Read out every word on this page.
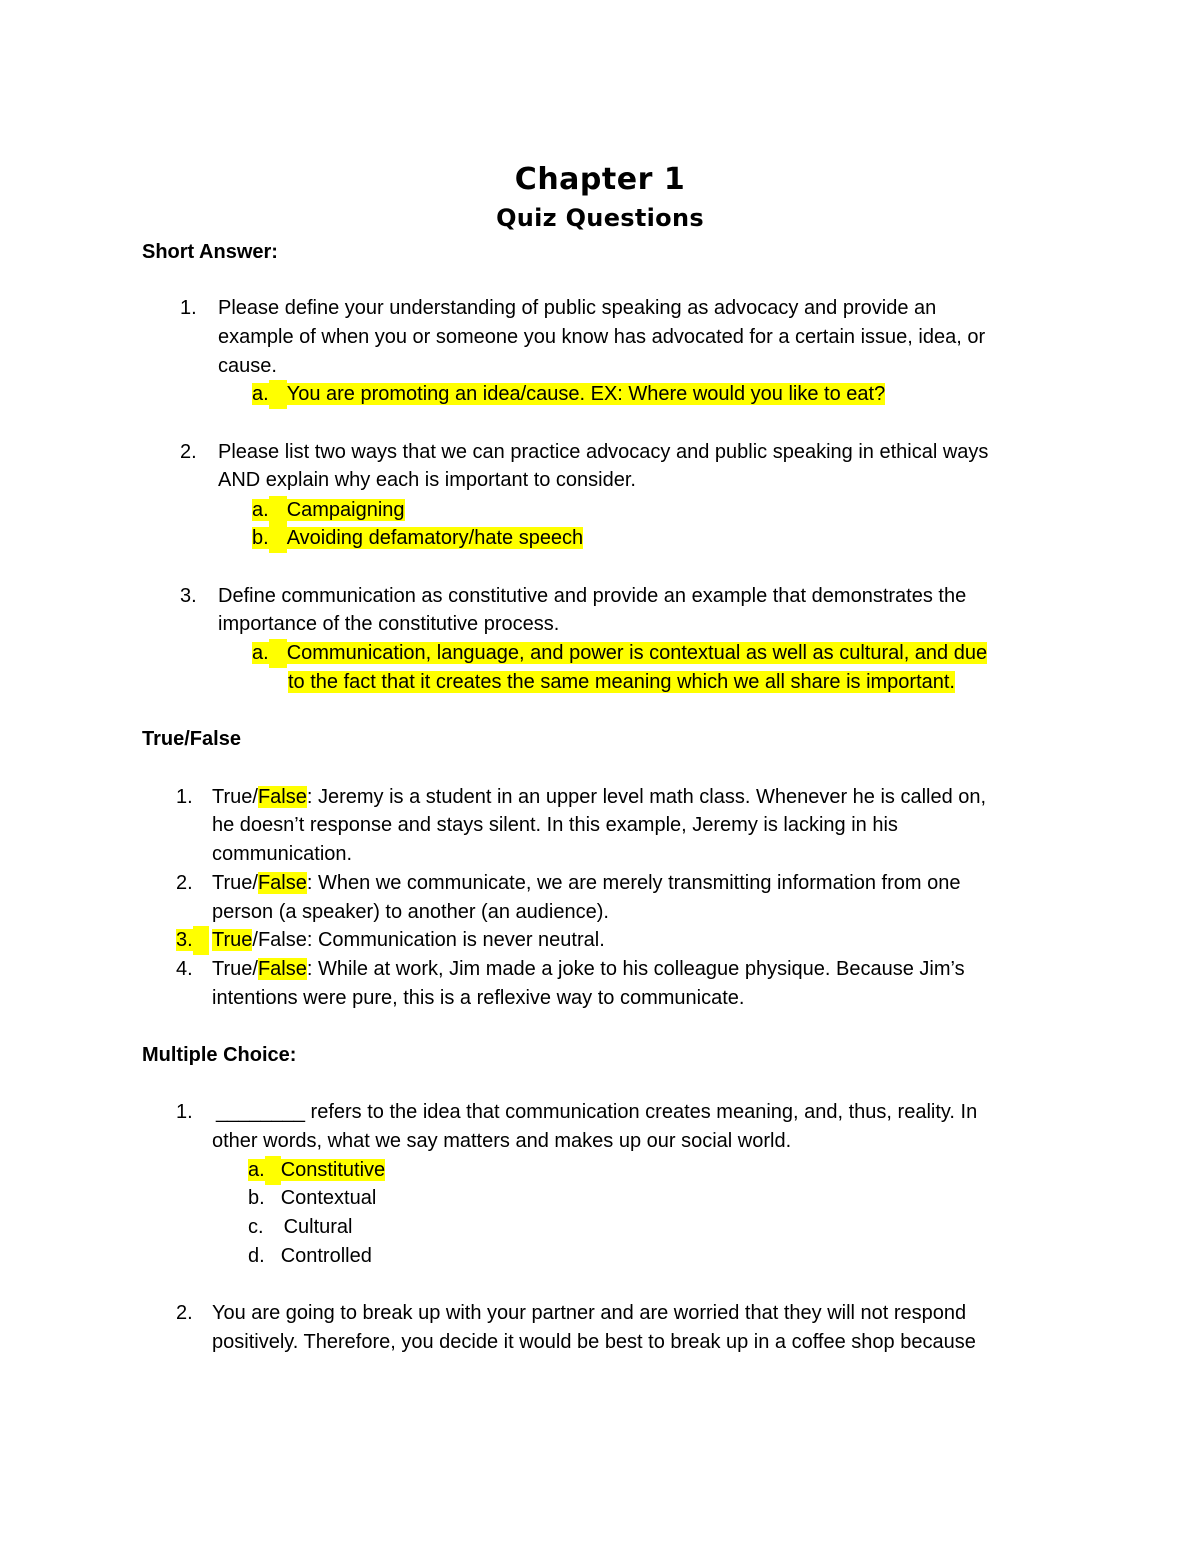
Chapter 1
Quiz Questions
Short Answer:
1. Please define your understanding of public speaking as advocacy and provide an
example of when you or someone you know has advocated for a certain issue, idea, or
cause.
a. You are promoting an idea/cause. EX: Where would you like to eat?
2. Please list two ways that we can practice advocacy and public speaking in ethical ways
AND explain why each is important to consider.
a. Campaigning
b. Avoiding defamatory/hate speech
3. Define communication as constitutive and provide an example that demonstrates the
importance of the constitutive process.
a. Communication, language, and power is contextual as well as cultural, and due
to the fact that it creates the same meaning which we all share is important.
True/False
1. True/False: Jeremy is a student in an upper level math class. Whenever he is called on,
he doesn’t response and stays silent. In this example, Jeremy is lacking in his
communication.
2. True/False: When we communicate, we are merely transmitting information from one
person (a speaker) to another (an audience).
3. True/False: Communication is never neutral.
4. True/False: While at work, Jim made a joke to his colleague physique. Because Jim’s
intentions were pure, this is a reflexive way to communicate.
Multiple Choice:
1. ________ refers to the idea that communication creates meaning, and, thus, reality. In
other words, what we say matters and makes up our social world.
a. Constitutive
b. Contextual
c. Cultural
d. Controlled
2. You are going to break up with your partner and are worried that they will not respond
positively. Therefore, you decide it would be best to break up in a coffee shop because
